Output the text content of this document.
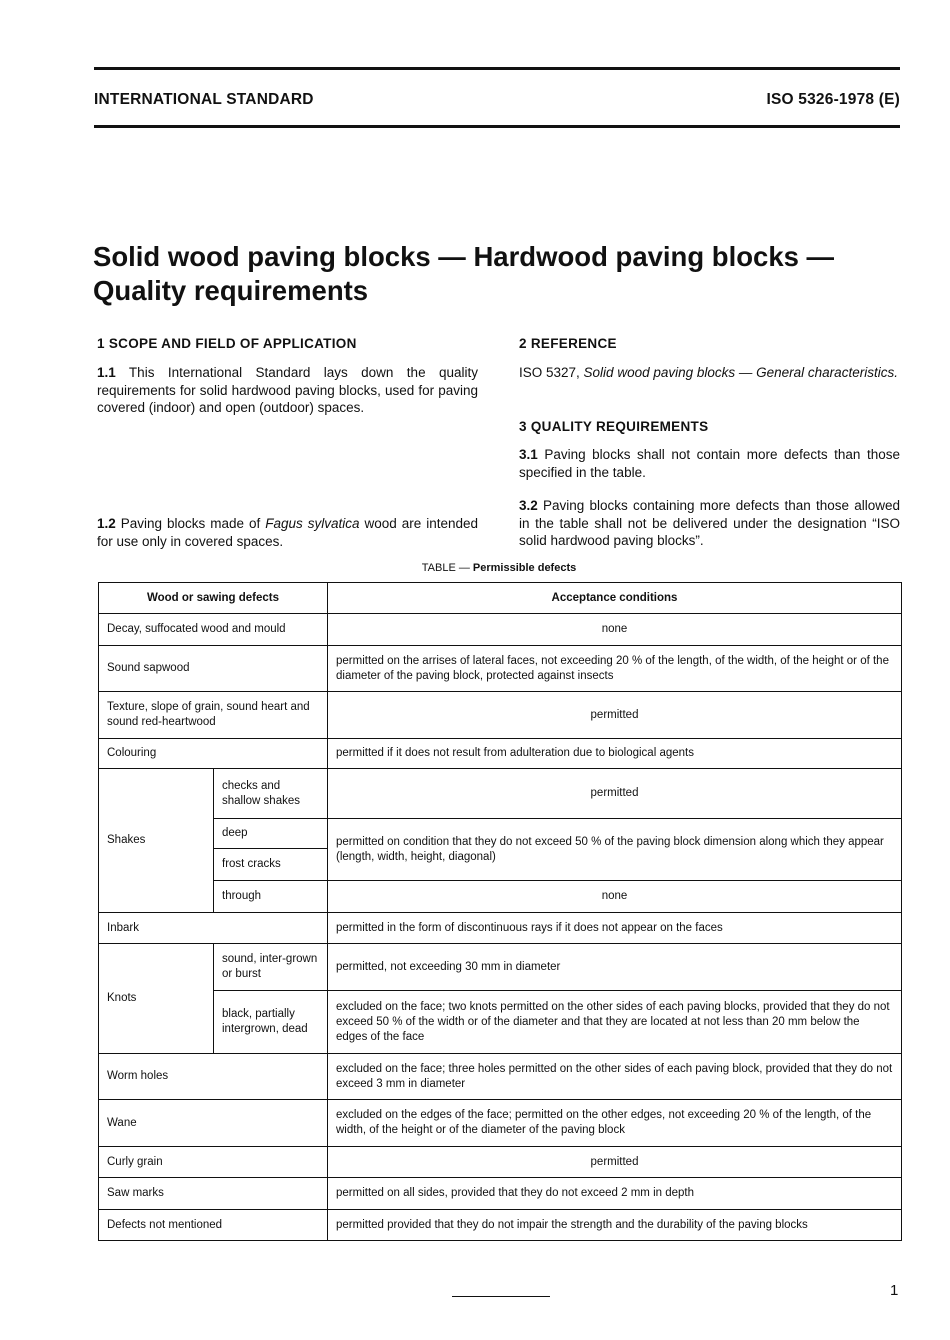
INTERNATIONAL STANDARD	ISO 5326-1978 (E)
Solid wood paving blocks — Hardwood paving blocks —
Quality requirements
1 SCOPE AND FIELD OF APPLICATION
1.1 This International Standard lays down the quality requirements for solid hardwood paving blocks, used for paving covered (indoor) and open (outdoor) spaces.
1.2 Paving blocks made of Fagus sylvatica wood are intended for use only in covered spaces.
2 REFERENCE
ISO 5327, Solid wood paving blocks — General characteristics.
3 QUALITY REQUIREMENTS
3.1 Paving blocks shall not contain more defects than those specified in the table.
3.2 Paving blocks containing more defects than those allowed in the table shall not be delivered under the designation “ISO solid hardwood paving blocks”.
TABLE — Permissible defects
Wood or sawing defects		Acceptance conditions
Decay, suffocated wood and mould		none
Sound sapwood		permitted on the arrises of lateral faces, not exceeding 20 % of the length, of the width, of the height or of the diameter of the paving block, protected against insects
Texture, slope of grain, sound heart and sound red-heartwood		permitted
Colouring		permitted if it does not result from adulteration due to biological agents
Shakes	checks and shallow shakes	permitted
	deep	permitted on condition that they do not exceed 50 % of the paving block dimension along which they appear (length, width, height, diagonal)
	frost cracks	
	through	none
Inbark		permitted in the form of discontinuous rays if it does not appear on the faces
Knots	sound, inter-grown or burst	permitted, not exceeding 30 mm in diameter
	black, partially intergrown, dead	excluded on the face; two knots permitted on the other sides of each paving blocks, provided that they do not exceed 50 % of the width or of the diameter and that they are located at not less than 20 mm below the edges of the face
Worm holes		excluded on the face; three holes permitted on the other sides of each paving block, provided that they do not exceed 3 mm in diameter
Wane		excluded on the edges of the face; permitted on the other edges, not exceeding 20 % of the length, of the width, of the height or of the diameter of the paving block
Curly grain		permitted
Saw marks		permitted on all sides, provided that they do not exceed 2 mm in depth
Defects not mentioned		permitted provided that they do not impair the strength and the durability of the paving blocks
1
